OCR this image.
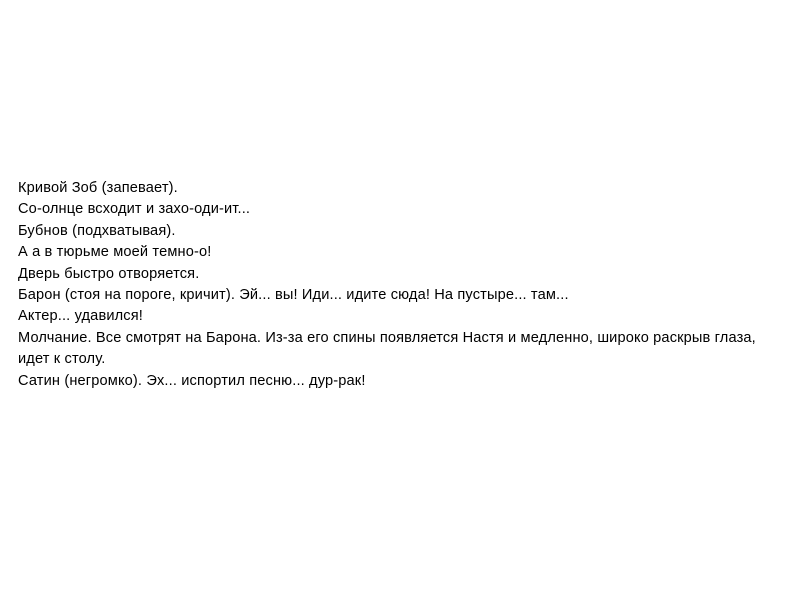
Кривой Зоб (запевает).

Со-олнце всходит и захо-оди-ит...

Бубнов (подхватывая).

А а в тюрьме моей темно-о!

Дверь быстро отворяется.

Барон (стоя на пороге, кричит). Эй... вы! Иди... идите сюда! На пустыре... там...

Актер... удавился!

Молчание. Все смотрят на Барона. Из-за его спины появляется Настя и медленно, широко раскрыв глаза, идет к столу.

Сатин (негромко). Эх... испортил песню... дур-рак!
